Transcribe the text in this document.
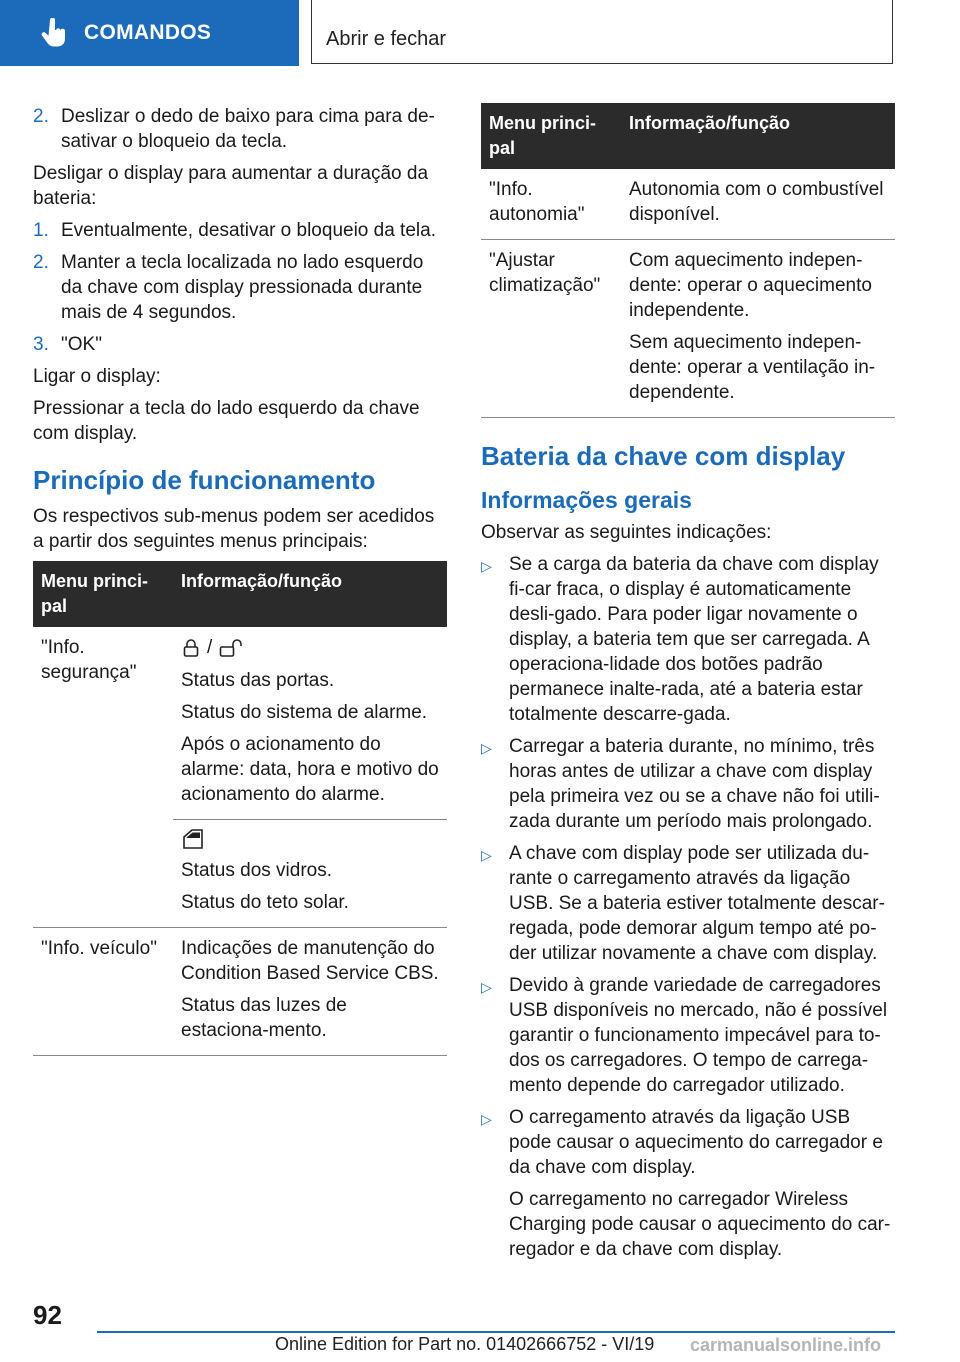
COMANDOS	Abrir e fechar
2. Deslizar o dedo de baixo para cima para de-sativar o bloqueio da tecla.

Desligar o display para aumentar a duração da bateria:

1. Eventualmente, desativar o bloqueio da tela.
2. Manter a tecla localizada no lado esquerdo da chave com display pressionada durante mais de 4 segundos.
3. "OK"

Ligar o display:

Pressionar a tecla do lado esquerdo da chave com display.

Princípio de funcionamento

Os respectivos sub-menus podem ser acedidos a partir dos seguintes menus principais:

Menu princi-pal	Informação/função
"Info. segurança"	/

Status das portas.

Status do sistema de alarme.

Após o acionamento do alarme: data, hora e motivo do acionamento do alarme.

	Status dos vidros.

Status do teto solar.

"Info. veículo"	Indicações de manutenção do Condition Based Service CBS.

Status das luzes de estaciona-mento.

Menu princi-pal	Informação/função
"Info. autonomia"	Autonomia com o combustível disponível.

"Ajustar climatização"	Com aquecimento indepen-dente: operar o aquecimento independente.

Sem aquecimento indepen-dente: operar a ventilação in-dependente.

Bateria da chave com display
Informações gerais

Observar as seguintes indicações:

▷ Se a carga da bateria da chave com display fi-car fraca, o display é automaticamente desli-gado. Para poder ligar novamente o display, a bateria tem que ser carregada. A operaciona-lidade dos botões padrão permanece inalte-rada, até a bateria estar totalmente descarre-gada.
▷ Carregar a bateria durante, no mínimo, três horas antes de utilizar a chave com display pela primeira vez ou se a chave não foi utili-zada durante um período mais prolongado.
▷ A chave com display pode ser utilizada du-rante o carregamento através da ligação USB. Se a bateria estiver totalmente descar-regada, pode demorar algum tempo até po-der utilizar novamente a chave com display.
▷ Devido à grande variedade de carregadores USB disponíveis no mercado, não é possível garantir o funcionamento impecável para to-dos os carregadores. O tempo de carrega-mento depende do carregador utilizado.
▷ O carregamento através da ligação USB pode causar o aquecimento do carregador e da chave com display.

O carregamento no carregador Wireless Charging pode causar o aquecimento do car-regador e da chave com display.

92
Online Edition for Part no. 01402666752 - VI/19 carmanualsonline.info
